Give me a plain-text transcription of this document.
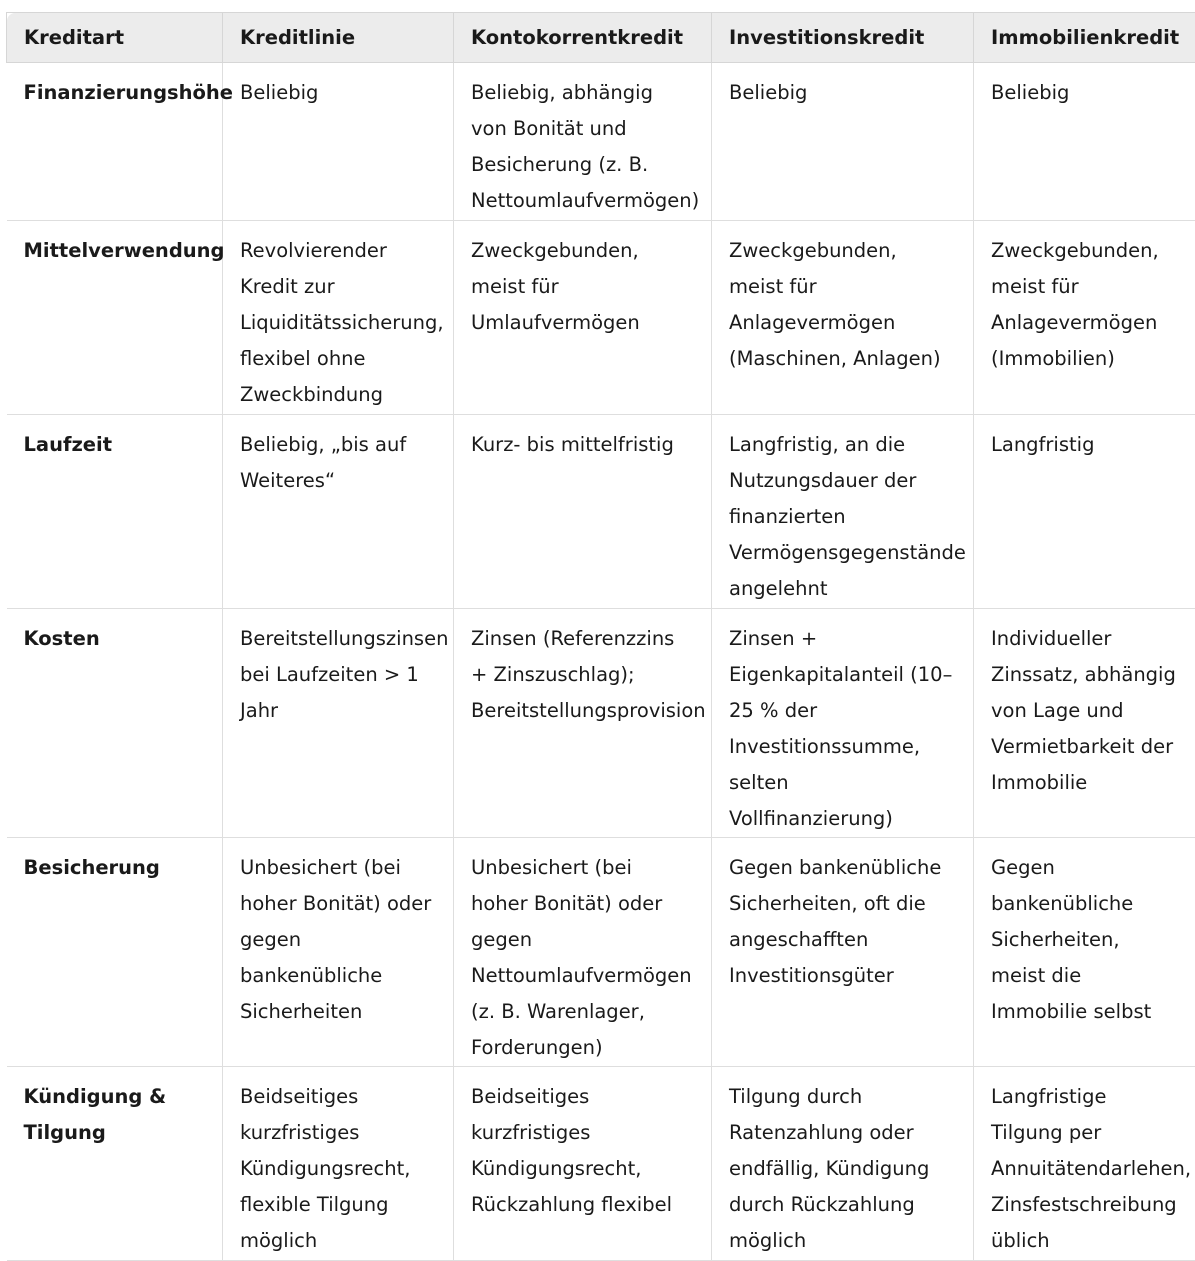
Kreditart	Kreditlinie	Kontokorrentkredit	Investitionskredit	Immobilienkredit
Finanzierungshöhe	Beliebig	Beliebig, abhängig von Bonität und Besicherung (z. B. Nettoumlaufvermögen)	Beliebig	Beliebig
Mittelverwendung	Revolvierender Kredit zur Liquiditätssicherung, flexibel ohne Zweckbindung	Zweckgebunden, meist für Umlaufvermögen	Zweckgebunden, meist für Anlagevermögen (Maschinen, Anlagen)	Zweckgebunden, meist für Anlagevermögen (Immobilien)
Laufzeit	Beliebig, „bis auf Weiteres“	Kurz- bis mittelfristig	Langfristig, an die Nutzungsdauer der finanzierten Vermögensgegenstände angelehnt	Langfristig
Kosten	Bereitstellungszinsen bei Laufzeiten > 1 Jahr	Zinsen (Referenzzins + Zinszuschlag); Bereitstellungsprovision	Zinsen + Eigenkapitalanteil (10–25 % der Investitionssumme, selten Vollfinanzierung)	Individueller Zinssatz, abhängig von Lage und Vermietbarkeit der Immobilie
Besicherung	Unbesichert (bei hoher Bonität) oder gegen bankenübliche Sicherheiten	Unbesichert (bei hoher Bonität) oder gegen Nettoumlaufvermögen (z. B. Warenlager, Forderungen)	Gegen bankenübliche Sicherheiten, oft die angeschafften Investitionsgüter	Gegen bankenübliche Sicherheiten, meist die Immobilie selbst
Kündigung & Tilgung	Beidseitiges kurzfristiges Kündigungsrecht, flexible Tilgung möglich	Beidseitiges kurzfristiges Kündigungsrecht, Rückzahlung flexibel	Tilgung durch Ratenzahlung oder endfällig, Kündigung durch Rückzahlung möglich	Langfristige Tilgung per Annuitätendarlehen, Zinsfestschreibung üblich
